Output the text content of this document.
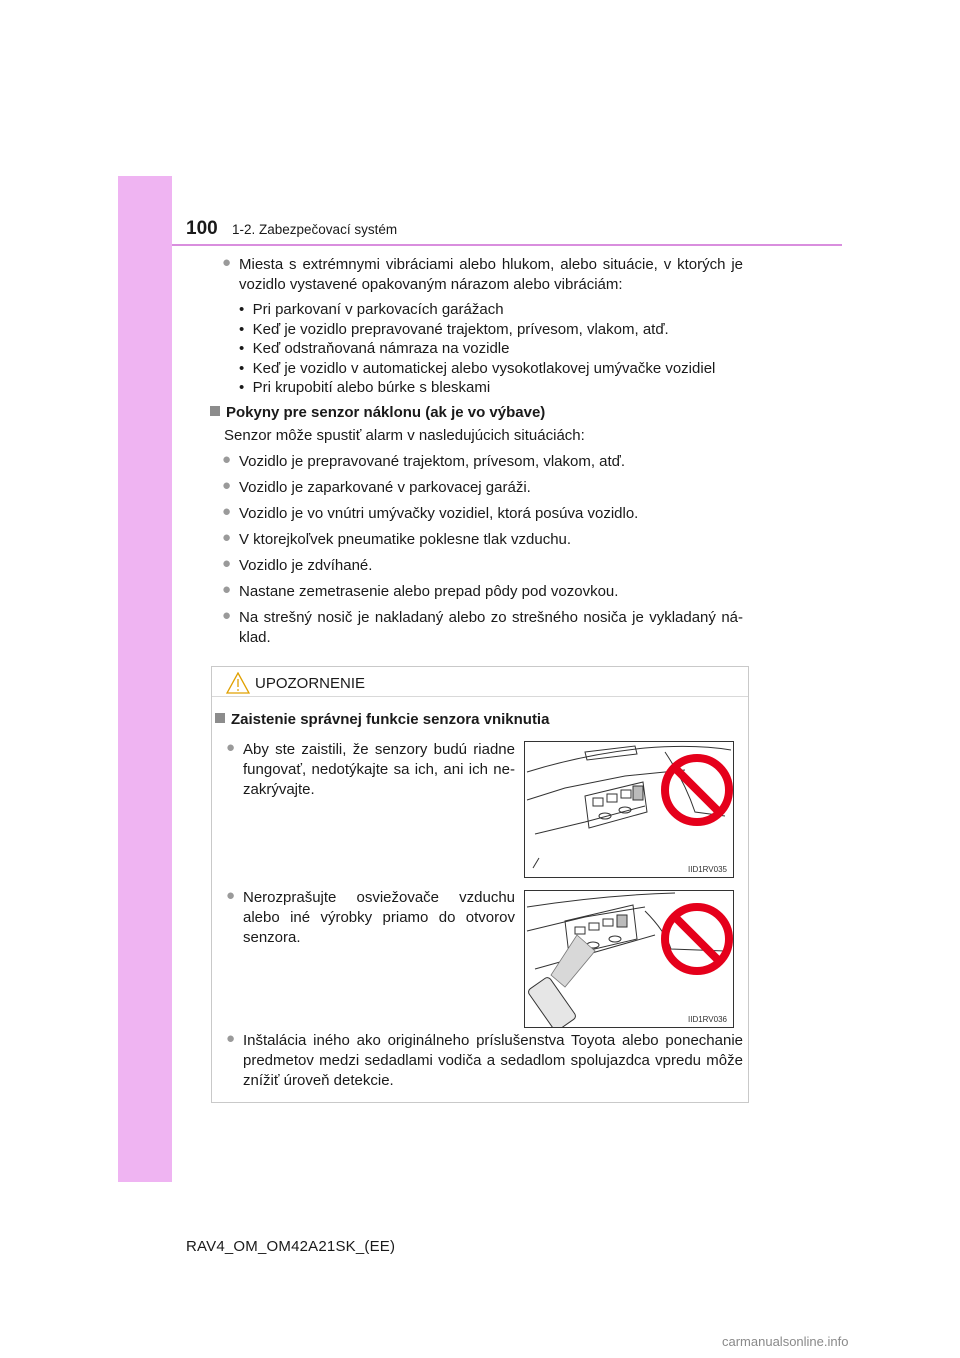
100 1-2. Zabezpečovací systém
● Miesta s extrémnymi vibráciami alebo hlukom, alebo situácie, v ktorých je
vozidlo vystavené opakovaným nárazom alebo vibráciám:
•  Pri parkovaní v parkovacích garážach
•  Keď je vozidlo prepravované trajektom, prívesom, vlakom, atď.
•  Keď odstraňovaná námraza na vozidle
•  Keď je vozidlo v automatickej alebo vysokotlakovej umývačke vozidiel
•  Pri krupobití alebo búrke s bleskami
Pokyny pre senzor náklonu (ak je vo výbave)
Senzor môže spustiť alarm v nasledujúcich situáciách:
● Vozidlo je prepravované trajektom, prívesom, vlakom, atď.
● Vozidlo je zaparkované v parkovacej garáži.
● Vozidlo je vo vnútri umývačky vozidiel, ktorá posúva vozidlo.
● V ktorejkoľvek pneumatike poklesne tlak vzduchu.
● Vozidlo je zdvíhané.
● Nastane zemetrasenie alebo prepad pôdy pod vozovkou.
● Na strešný nosič je nakladaný alebo zo strešného nosiča je vykladaný ná-
klad.
UPOZORNENIE
Zaistenie správnej funkcie senzora vniknutia
● Aby ste zaistili, že senzory budú riadne
fungovať, nedotýkajte sa ich, ani ich ne-
zakrývajte.
IID1RV035
● Nerozprašujte osviežovače vzduchu
alebo iné výrobky priamo do otvorov
senzora.
IID1RV036
● Inštalácia iného ako originálneho príslušenstva Toyota alebo ponechanie
predmetov medzi sedadlami vodiča a sedadlom spolujazdca vpredu môže
znížiť úroveň detekcie.
RAV4_OM_OM42A21SK_(EE)
carmanualsonline.info
